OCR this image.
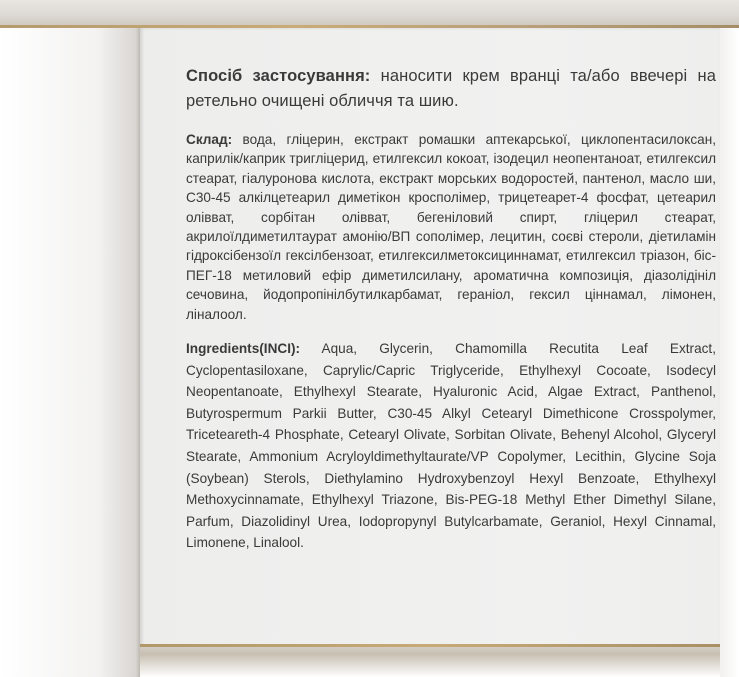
Спосіб застосування: наносити крем вранці та/або ввечері на ретельно очищені обличчя та шию.

Склад: вода, гліцерин, екстракт ромашки аптекарської, циклопентасилоксан, каприлік/каприк тригліцерид, етилгексил кокоат, ізодецил неопентаноат, етилгексил стеарат, гіалуронова кислота, екстракт морських водоростей, пантенол, масло ши, С30-45 алкілцетеарил диметікон кросполімер, трицетеарет-4 фосфат, цетеарил олівват, сорбітан олівват, бегеніловий спирт, гліцерил стеарат, акрилоїлдиметилтаурат амонію/ВП сополімер, лецитин, соєві стероли, діетиламін гідроксібензоїл гексілбензоат, етилгексилметоксициннамат, етилгексил тріазон, біс-ПЕГ-18 метиловий ефір диметилсилану, ароматична композиція, діазолідініл сечовина, йодопропінілбутилкарбамат, геранiол, гексил ціннамал, лімонен, ліналоол.

Ingredients(INCI): Aqua, Glycerin, Chamomilla Recutita Leaf Extract, Cyclopentasiloxane, Caprylic/Capric Triglyceride, Ethylhexyl Cocoate, Isodecyl Neopentanoate, Ethylhexyl Stearate, Hyaluronic Acid, Algae Extract, Panthenol, Butyrospermum Parkii Butter, C30-45 Alkyl Cetearyl Dimethicone Crosspolymer, Triceteareth-4 Phosphate, Cetearyl Olivate, Sorbitan Olivate, Behenyl Alcohol, Glyceryl Stearate, Ammonium Acryloyldimethyltaurate/VP Copolymer, Lecithin, Glycine Soja (Soybean) Sterols, Diethylamino Hydroxybenzoyl Hexyl Benzoate, Ethylhexyl Methoxycinnamate, Ethylhexyl Triazone, Bis-PEG-18 Methyl Ether Dimethyl Silane, Parfum, Diazolidinyl Urea, Iodopropynyl Butylcarbamate, Geraniol, Hexyl Cinnamal, Limonene, Linalool.
